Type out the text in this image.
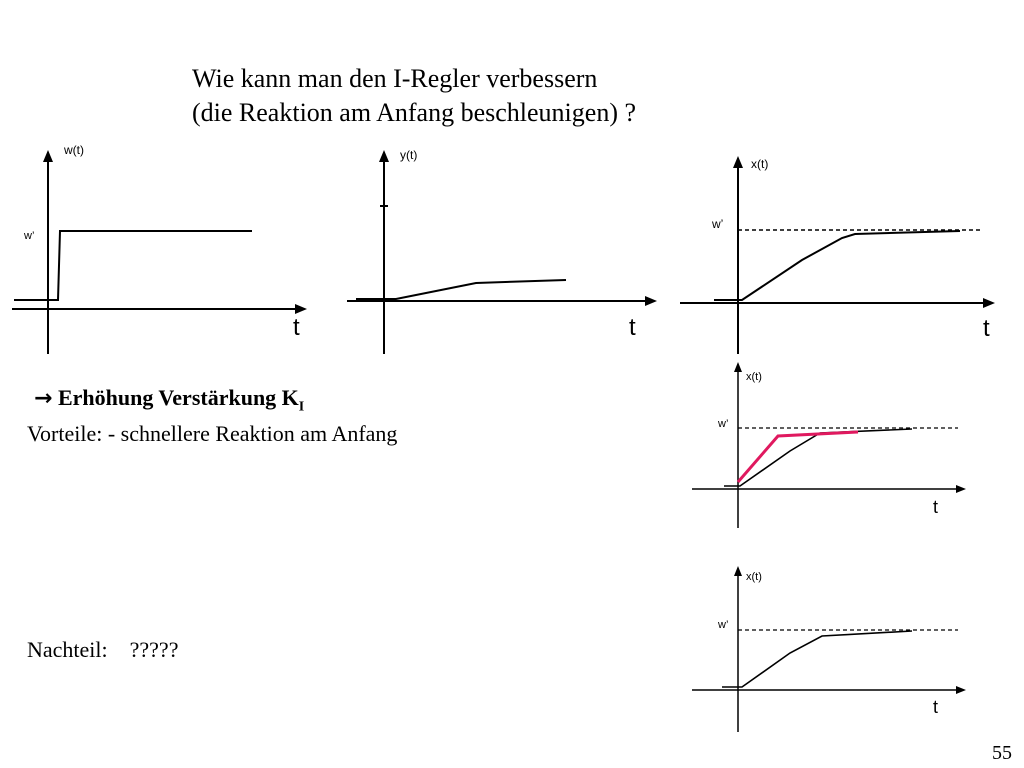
Wie kann man den I-Regler verbessern
(die Reaktion am Anfang beschleunigen) ?
w(t)
w’
t
y(t)
t
x(t)
w’
t
x(t)
w’
t
x(t)
w’
t
→ Erhöhung Verstärkung $K_I$
Vorteile: - schnellere Reaktion am Anfang
Nachteil: ?????
55
